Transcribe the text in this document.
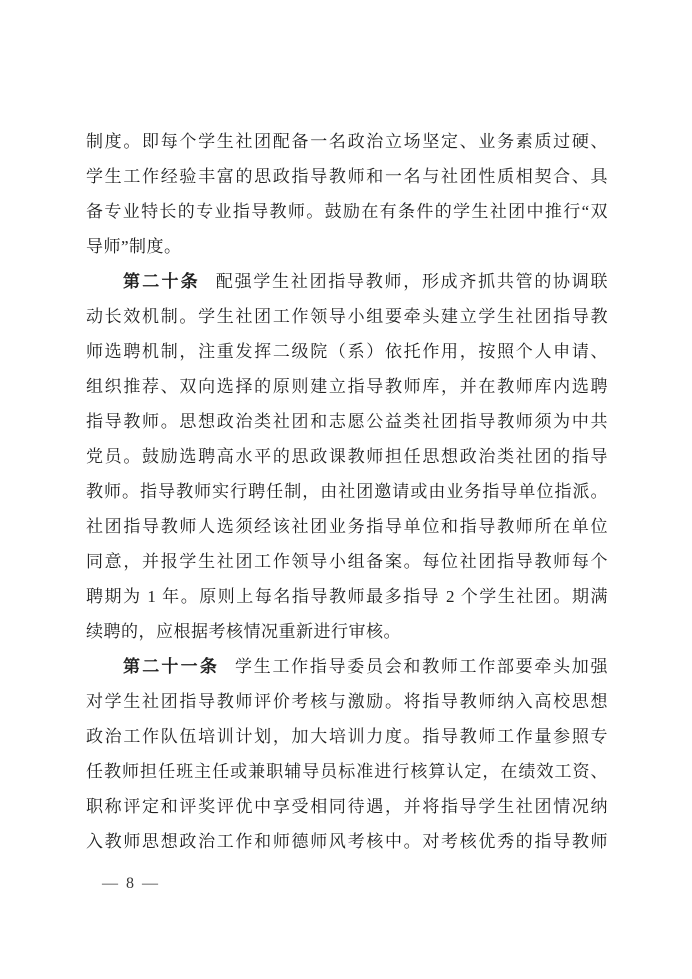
制度。即每个学生社团配备一名政治立场坚定、业务素质过硬、

学生工作经验丰富的思政指导教师和一名与社团性质相契合、具

备专业特长的专业指导教师。鼓励在有条件的学生社团中推行“双

导师”制度。

第二十条 配强学生社团指导教师，形成齐抓共管的协调联

动长效机制。学生社团工作领导小组要牵头建立学生社团指导教

师选聘机制，注重发挥二级院（系）依托作用，按照个人申请、

组织推荐、双向选择的原则建立指导教师库，并在教师库内选聘

指导教师。思想政治类社团和志愿公益类社团指导教师须为中共

党员。鼓励选聘高水平的思政课教师担任思想政治类社团的指导

教师。指导教师实行聘任制，由社团邀请或由业务指导单位指派。

社团指导教师人选须经该社团业务指导单位和指导教师所在单位

同意，并报学生社团工作领导小组备案。每位社团指导教师每个

聘期为 1 年。原则上每名指导教师最多指导 2 个学生社团。期满

续聘的，应根据考核情况重新进行审核。

第二十一条 学生工作指导委员会和教师工作部要牵头加强

对学生社团指导教师评价考核与激励。将指导教师纳入高校思想

政治工作队伍培训计划，加大培训力度。指导教师工作量参照专

任教师担任班主任或兼职辅导员标准进行核算认定，在绩效工资、

职称评定和评奖评优中享受相同待遇，并将指导学生社团情况纳

入教师思想政治工作和师德师风考核中。对考核优秀的指导教师

— 8 —
